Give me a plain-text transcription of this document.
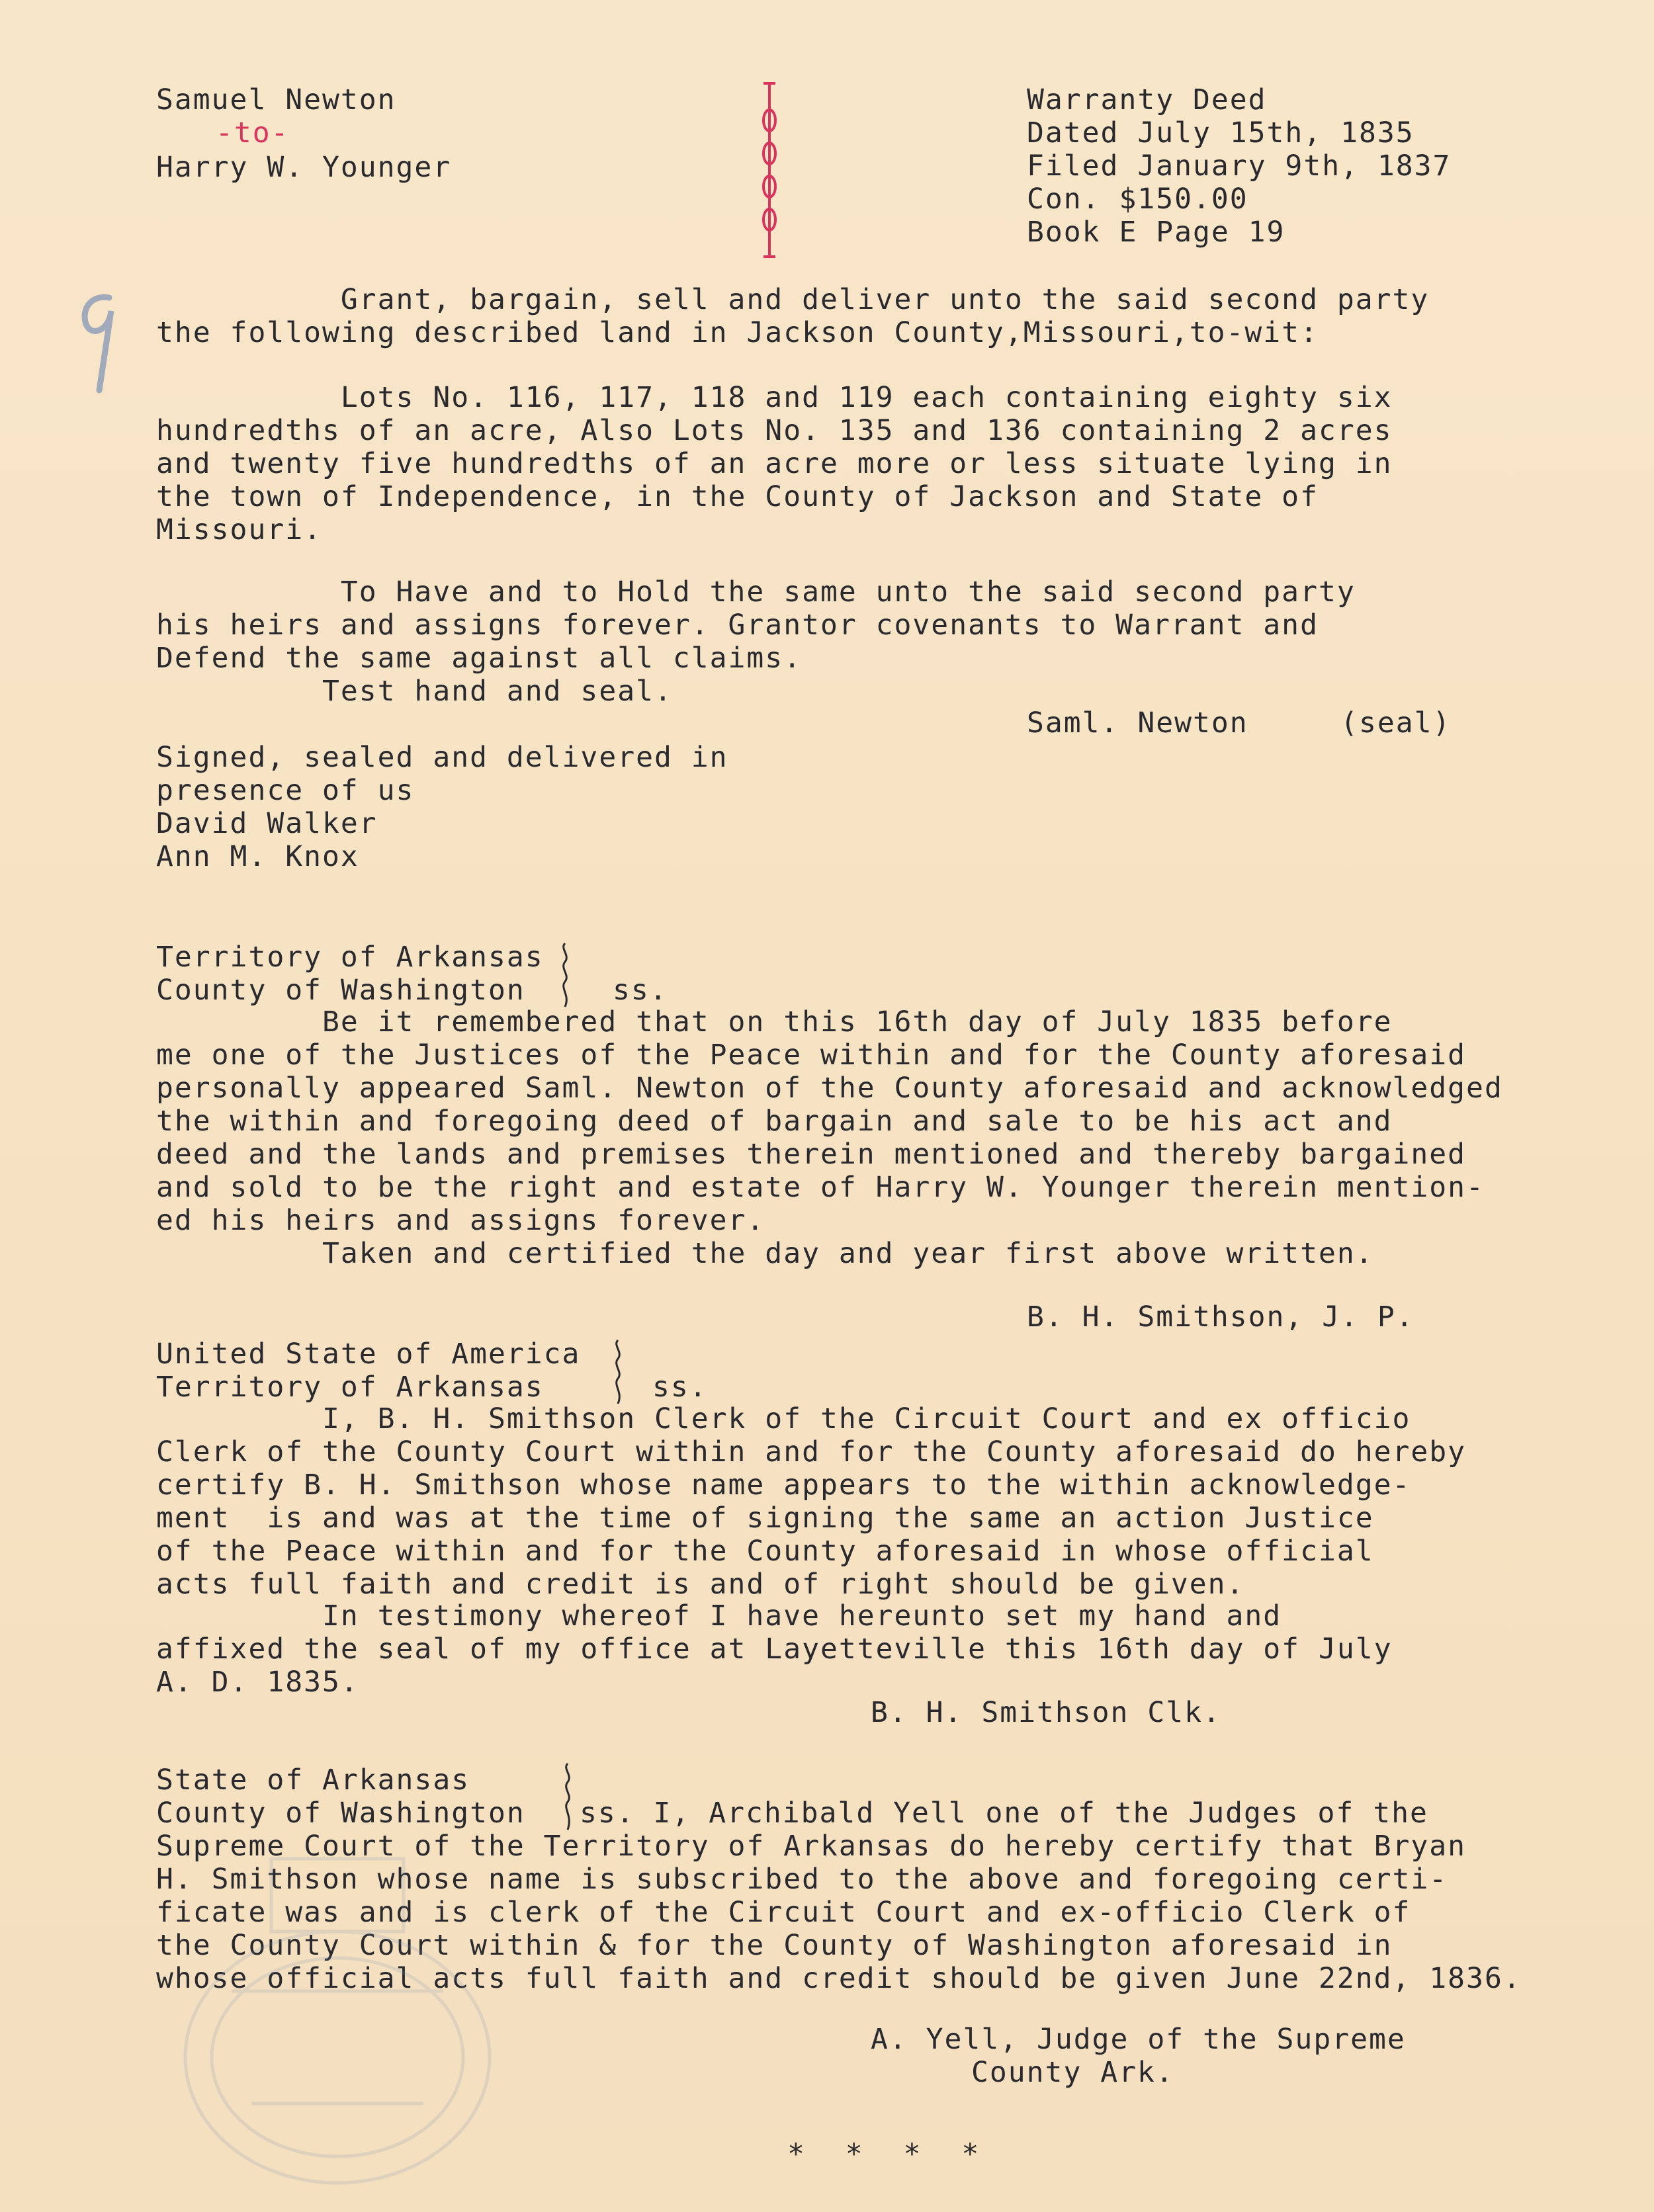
Samuel Newton
-to-
Harry W. Younger
Warranty Deed
Dated July 15th, 1835
Filed January 9th, 1837
Con. $150.00
Book E Page 19
9	Grant, bargain, sell and deliver unto the said second party
the following described land in Jackson County,Missouri,to-wit:
Lots No. 116, 117, 118 and 119 each containing eighty six
hundredths of an acre, Also Lots No. 135 and 136 containing 2 acres
and twenty five hundredths of an acre more or less situate lying in
the town of Independence, in the County of Jackson and State of
Missouri.
To Have and to Hold the same unto the said second party
his heirs and assigns forever. Grantor covenants to Warrant and
Defend the same against all claims.
Test hand and seal.
Saml. Newton     (seal)
Signed, sealed and delivered in
presence of us
David Walker
Ann M. Knox
Territory of Arkansas
County of Washington	ss.
Be it remembered that on this 16th day of July 1835 before
me one of the Justices of the Peace within and for the County aforesaid
personally appeared Saml. Newton of the County aforesaid and acknowledged
the within and foregoing deed of bargain and sale to be his act and
deed and the lands and premises therein mentioned and thereby bargained
and sold to be the right and estate of Harry W. Younger therein mention-
ed his heirs and assigns forever.
Taken and certified the day and year first above written.
B. H. Smithson, J. P.
United State of America
Territory of Arkansas	ss.
I, B. H. Smithson Clerk of the Circuit Court and ex officio
Clerk of the County Court within and for the County aforesaid do hereby
certify B. H. Smithson whose name appears to the within acknowledge-
ment  is and was at the time of signing the same an action Justice
of the Peace within and for the County aforesaid in whose official
acts full faith and credit is and of right should be given.
In testimony whereof I have hereunto set my hand and
affixed the seal of my office at Layetteville this 16th day of July
A. D. 1835.
B. H. Smithson Clk.
State of Arkansas
County of Washington ss. I, Archibald Yell one of the Judges of the
Supreme Court of the Territory of Arkansas do hereby certify that Bryan
H. Smithson whose name is subscribed to the above and foregoing certi-
ficate was and is clerk of the Circuit Court and ex-officio Clerk of
the County Court within & for the County of Washington aforesaid in
whose official acts full faith and credit should be given June 22nd, 1836.
A. Yell, Judge of the Supreme
County Ark.
* * * *
